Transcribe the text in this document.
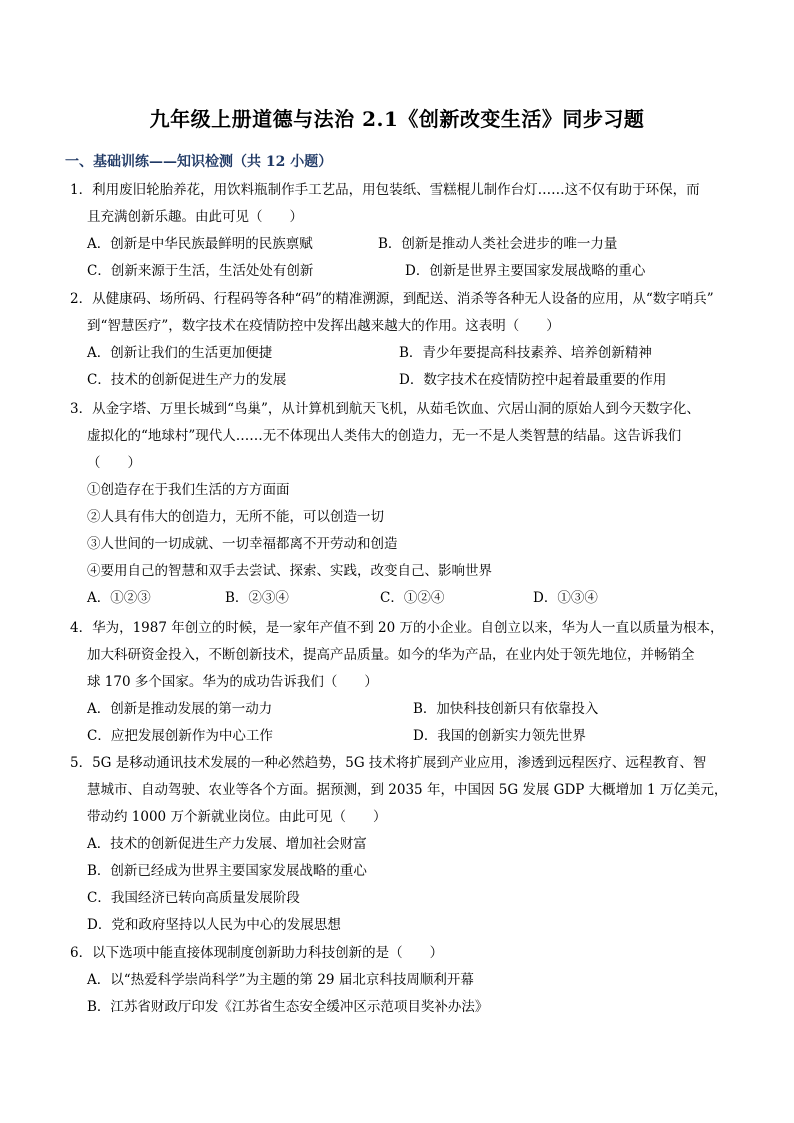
九年级上册道德与法治 2.1《创新改变生活》同步习题
一、基础训练——知识检测（共 12 小题）
1．利用废旧轮胎养花，用饮料瓶制作手工艺品，用包装纸、雪糕棍儿制作台灯……这不仅有助于环保，而
且充满创新乐趣。由此可见（　　）
A．创新是中华民族最鲜明的民族禀赋	B．创新是推动人类社会进步的唯一力量
C．创新来源于生活，生活处处有创新	D．创新是世界主要国家发展战略的重心
2．从健康码、场所码、行程码等各种“码”的精准溯源，到配送、消杀等各种无人设备的应用，从“数字哨兵”
到“智慧医疗”，数字技术在疫情防控中发挥出越来越大的作用。这表明（　　）
A．创新让我们的生活更加便捷	B．青少年要提高科技素养、培养创新精神
C．技术的创新促进生产力的发展	D．数字技术在疫情防控中起着最重要的作用
3．从金字塔、万里长城到“鸟巢”，从计算机到航天飞机，从茹毛饮血、穴居山洞的原始人到今天数字化、
虚拟化的“地球村”现代人……无不体现出人类伟大的创造力，无一不是人类智慧的结晶。这告诉我们
（　　）
①创造存在于我们生活的方方面面
②人具有伟大的创造力，无所不能，可以创造一切
③人世间的一切成就、一切幸福都离不开劳动和创造
④要用自己的智慧和双手去尝试、探索、实践，改变自己、影响世界
A．①②③	B．②③④	C．①②④	D．①③④
4．华为，1987 年创立的时候，是一家年产值不到 20 万的小企业。自创立以来，华为人一直以质量为根本，
加大科研资金投入，不断创新技术，提高产品质量。如今的华为产品，在业内处于领先地位，并畅销全
球 170 多个国家。华为的成功告诉我们（　　）
A．创新是推动发展的第一动力	B．加快科技创新只有依靠投入
C．应把发展创新作为中心工作	D．我国的创新实力领先世界
5．5G 是移动通讯技术发展的一种必然趋势，5G 技术将扩展到产业应用，渗透到远程医疗、远程教育、智
慧城市、自动驾驶、农业等各个方面。据预测，到 2035 年，中国因 5G 发展 GDP 大概增加 1 万亿美元，
带动约 1000 万个新就业岗位。由此可见（　　）
A．技术的创新促进生产力发展、增加社会财富
B．创新已经成为世界主要国家发展战略的重心
C．我国经济已转向高质量发展阶段
D．党和政府坚持以人民为中心的发展思想
6．以下选项中能直接体现制度创新助力科技创新的是（　　）
A．以“热爱科学崇尚科学”为主题的第 29 届北京科技周顺利开幕
B．江苏省财政厅印发《江苏省生态安全缓冲区示范项目奖补办法》
